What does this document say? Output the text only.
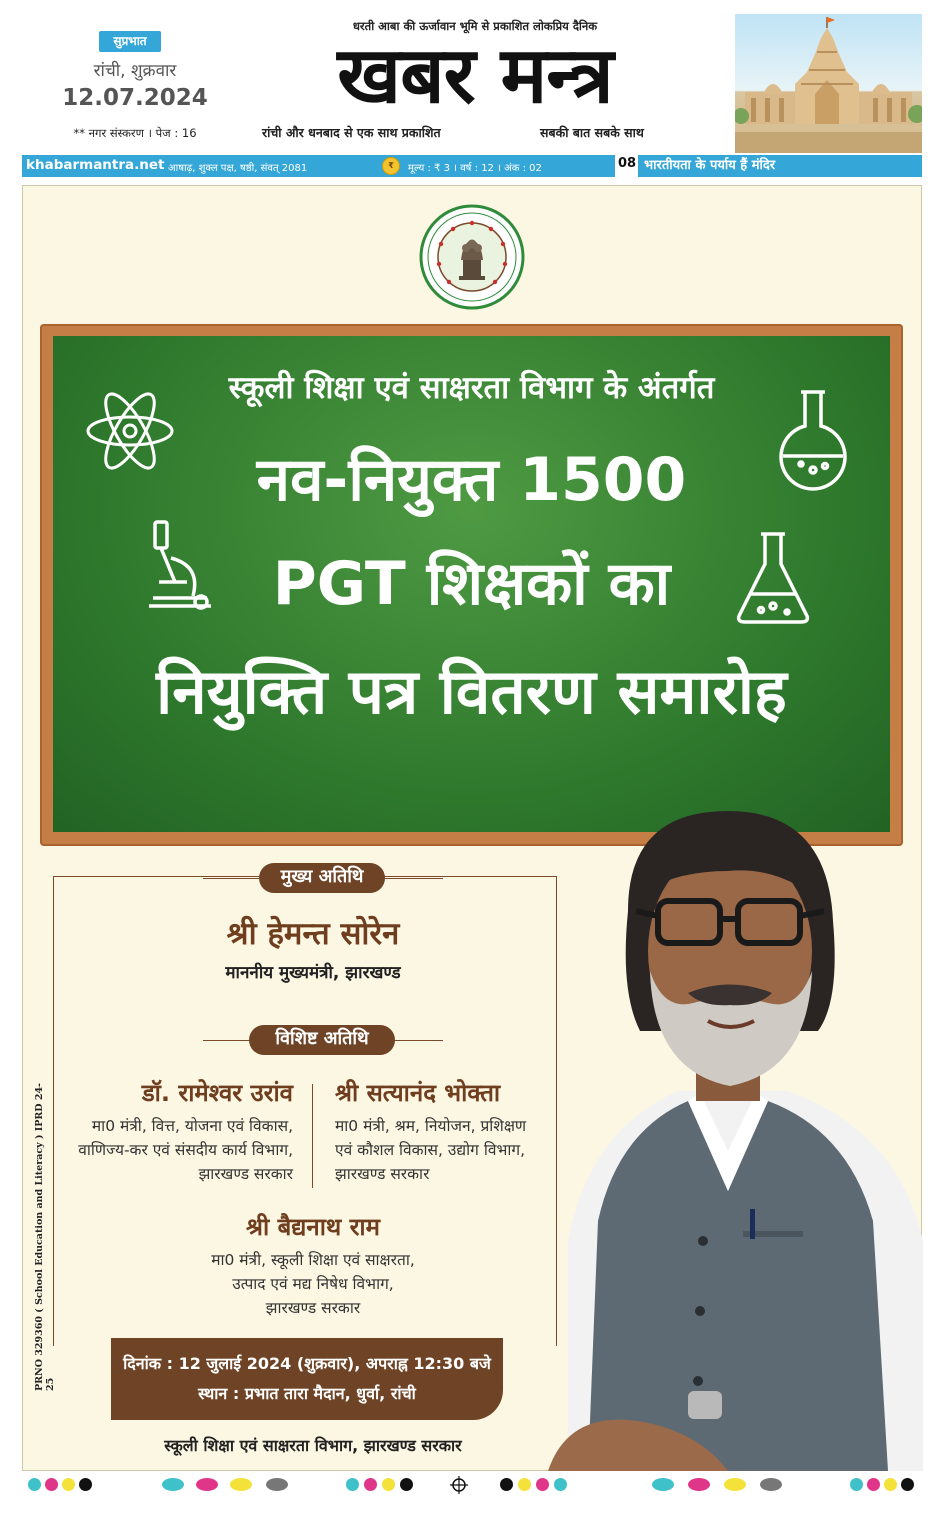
सुप्रभात
रांची, शुक्रवार
12.07.2024
** नगर संस्करण । पेज : 16
धरती आबा की ऊर्जावान भूमि से प्रकाशित लोकप्रिय दैनिक
खबर मन्त्र
रांची और धनबाद से एक साथ प्रकाशित	सबकी बात सबके साथ
khabarmantra.net आषाढ़, शुक्ल पक्ष, षष्ठी, संवत् 2081	₹	मूल्य : ₹ 3 । वर्ष : 12 । अंक : 02	08 भारतीयता के पर्याय हैं मंदिर
स्कूली शिक्षा एवं साक्षरता विभाग के अंतर्गत
नव-नियुक्त 1500
PGT शिक्षकों का
नियुक्ति पत्र वितरण समारोह
मुख्य अतिथि
श्री हेमन्त सोरेन
माननीय मुख्यमंत्री, झारखण्ड
विशिष्ट अतिथि
डॉ. रामेश्वर उरांव
मा0 मंत्री, वित्त, योजना एवं विकास,
वाणिज्य-कर एवं संसदीय कार्य विभाग,
झारखण्ड सरकार
श्री सत्यानंद भोक्ता
मा0 मंत्री, श्रम, नियोजन, प्रशिक्षण
एवं कौशल विकास, उद्योग विभाग,
झारखण्ड सरकार
श्री बैद्यनाथ राम
मा0 मंत्री, स्कूली शिक्षा एवं साक्षरता,
उत्पाद एवं मद्य निषेध विभाग,
झारखण्ड सरकार
दिनांक : 12 जुलाई 2024 (शुक्रवार), अपराह्न 12:30 बजे
स्थान : प्रभात तारा मैदान, धुर्वा, रांची
स्कूली शिक्षा एवं साक्षरता विभाग, झारखण्ड सरकार
PRNO 329360 ( School Education and Literacy ) IPRD 24-25
